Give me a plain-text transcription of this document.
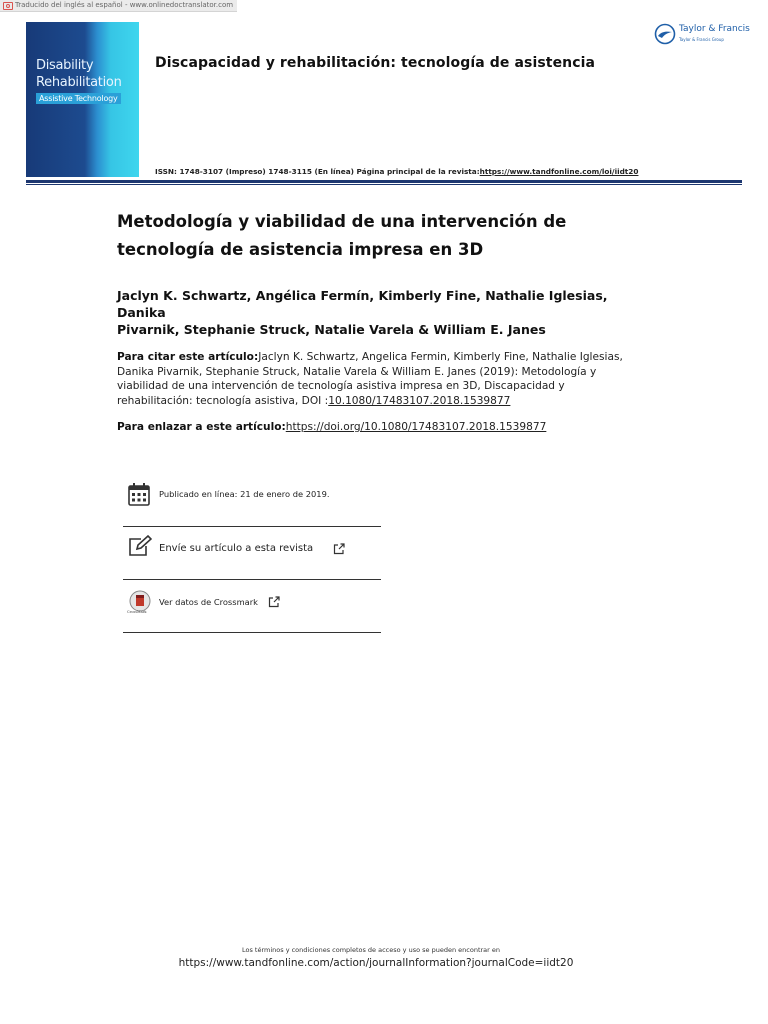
Traducido del inglés al español - www.onlinedoctranslator.com
Disability
Rehabilitation
Assistive Technology
Discapacidad y rehabilitación: tecnología de asistencia
ISSN: 1748-3107 (Impreso) 1748-3115 (En línea) Página principal de la revista:https://www.tandfonline.com/loi/iidt20
Taylor & Francis
Taylor & Francis Group
Metodología y viabilidad de una intervención de
tecnología de asistencia impresa en 3D
Jaclyn K. Schwartz, Angélica Fermín, Kimberly Fine, Nathalie Iglesias, Danika
Pivarnik, Stephanie Struck, Natalie Varela & William E. Janes
Para citar este artículo:Jaclyn K. Schwartz, Angelica Fermin, Kimberly Fine, Nathalie Iglesias, Danika Pivarnik, Stephanie Struck, Natalie Varela & William E. Janes (2019): Metodología y viabilidad de una intervención de tecnología asistiva impresa en 3D, Discapacidad y rehabilitación: tecnología asistiva, DOI :10.1080/17483107.2018.1539877
Para enlazar a este artículo:https://doi.org/10.1080/17483107.2018.1539877
Publicado en línea: 21 de enero de 2019.
Envíe su artículo a esta revista
CrossMark
Ver datos de Crossmark
Los términos y condiciones completos de acceso y uso se pueden encontrar en
https://www.tandfonline.com/action/journalInformation?journalCode=iidt20
